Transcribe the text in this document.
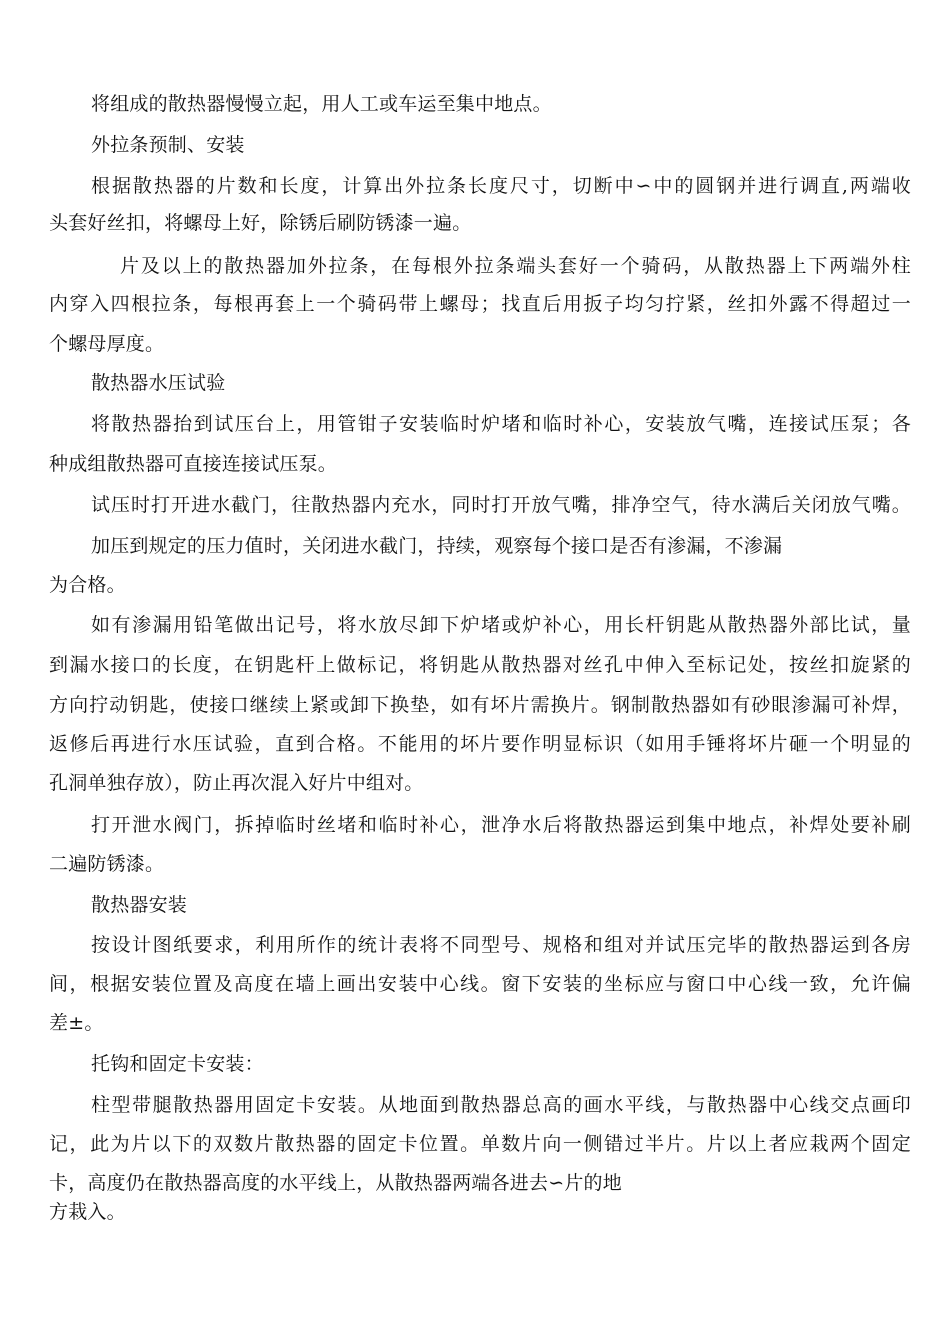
将组成的散热器慢慢立起，用人工或车运至集中地点。
外拉条预制、安装
根据散热器的片数和长度，计算出外拉条长度尺寸，切断中∽中的圆钢并进行调直,两端收
头套好丝扣，将螺母上好，除锈后刷防锈漆一遍。
片及以上的散热器加外拉条，在每根外拉条端头套好一个骑码，从散热器上下两端外柱
内穿入四根拉条，每根再套上一个骑码带上螺母；找直后用扳子均匀拧紧，丝扣外露不得超过一
个螺母厚度。
散热器水压试验
将散热器抬到试压台上，用管钳子安装临时炉堵和临时补心，安装放气嘴，连接试压泵；各
种成组散热器可直接连接试压泵。
试压时打开进水截门，往散热器内充水，同时打开放气嘴，排净空气，待水满后关闭放气嘴。
加压到规定的压力值时，关闭进水截门，持续，观察每个接口是否有渗漏，不渗漏
为合格。
如有渗漏用铅笔做出记号，将水放尽卸下炉堵或炉补心，用长杆钥匙从散热器外部比试，量
到漏水接口的长度，在钥匙杆上做标记，将钥匙从散热器对丝孔中伸入至标记处，按丝扣旋紧的
方向拧动钥匙，使接口继续上紧或卸下换垫，如有坏片需换片。钢制散热器如有砂眼渗漏可补焊，
返修后再进行水压试验，直到合格。不能用的坏片要作明显标识（如用手锤将坏片砸一个明显的
孔洞单独存放），防止再次混入好片中组对。
打开泄水阀门，拆掉临时丝堵和临时补心，泄净水后将散热器运到集中地点，补焊处要补刷
二遍防锈漆。
散热器安装
按设计图纸要求，利用所作的统计表将不同型号、规格和组对并试压完毕的散热器运到各房
间，根据安装位置及高度在墙上画出安装中心线。窗下安装的坐标应与窗口中心线一致，允许偏
差±。
托钩和固定卡安装：
柱型带腿散热器用固定卡安装。从地面到散热器总高的画水平线，与散热器中心线交点画印
记，此为片以下的双数片散热器的固定卡位置。单数片向一侧错过半片。片以上者应栽两个固定
卡，高度仍在散热器高度的水平线上，从散热器两端各进去∽片的地
方栽入。
